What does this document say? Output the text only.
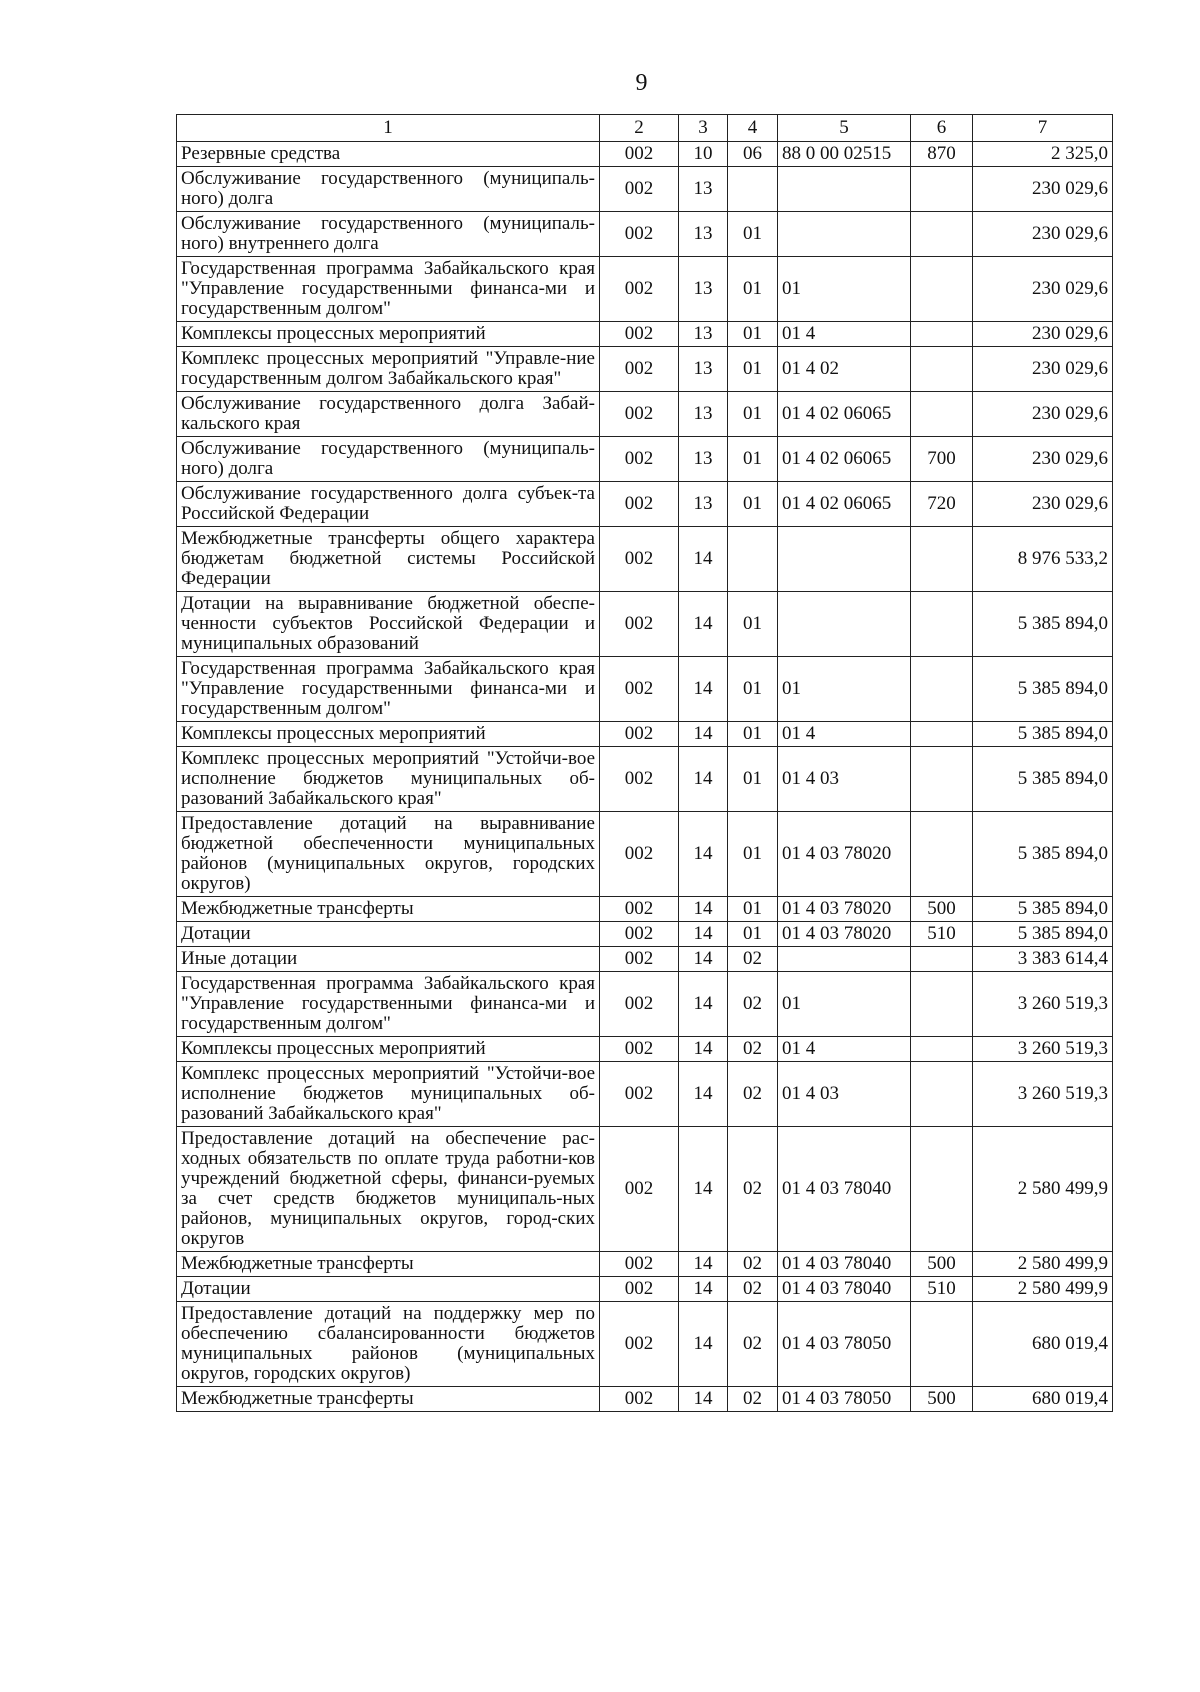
9
1	2	3	4	5	6	7
Резервные средства	002	10	06	88 0 00 02515	870	2 325,0
Обслуживание государственного (муниципаль-ного) долга	002	13				230 029,6
Обслуживание государственного (муниципаль-ного) внутреннего долга	002	13	01			230 029,6
Государственная программа Забайкальского края "Управление государственными финанса-ми и государственным долгом"	002	13	01	01		230 029,6
Комплексы процессных мероприятий	002	13	01	01 4		230 029,6
Комплекс процессных мероприятий "Управле-ние государственным долгом Забайкальского края"	002	13	01	01 4 02		230 029,6
Обслуживание государственного долга Забай-кальского края	002	13	01	01 4 02 06065		230 029,6
Обслуживание государственного (муниципаль-ного) долга	002	13	01	01 4 02 06065	700	230 029,6
Обслуживание государственного долга субъек-та Российской Федерации	002	13	01	01 4 02 06065	720	230 029,6
Межбюджетные трансферты общего характера бюджетам бюджетной системы Российской Федерации	002	14				8 976 533,2
Дотации на выравнивание бюджетной обеспе-ченности субъектов Российской Федерации и муниципальных образований	002	14	01			5 385 894,0
Государственная программа Забайкальского края "Управление государственными финанса-ми и государственным долгом"	002	14	01	01		5 385 894,0
Комплексы процессных мероприятий	002	14	01	01 4		5 385 894,0
Комплекс процессных мероприятий "Устойчи-вое исполнение бюджетов муниципальных об-разований Забайкальского края"	002	14	01	01 4 03		5 385 894,0
Предоставление дотаций на выравнивание бюджетной обеспеченности муниципальных районов (муниципальных округов, городских округов)	002	14	01	01 4 03 78020		5 385 894,0
Межбюджетные трансферты	002	14	01	01 4 03 78020	500	5 385 894,0
Дотации	002	14	01	01 4 03 78020	510	5 385 894,0
Иные дотации	002	14	02			3 383 614,4
Государственная программа Забайкальского края "Управление государственными финанса-ми и государственным долгом"	002	14	02	01		3 260 519,3
Комплексы процессных мероприятий	002	14	02	01 4		3 260 519,3
Комплекс процессных мероприятий "Устойчи-вое исполнение бюджетов муниципальных об-разований Забайкальского края"	002	14	02	01 4 03		3 260 519,3
Предоставление дотаций на обеспечение рас-ходных обязательств по оплате труда работни-ков учреждений бюджетной сферы, финанси-руемых за счет средств бюджетов муниципаль-ных районов, муниципальных округов, город-ских округов	002	14	02	01 4 03 78040		2 580 499,9
Межбюджетные трансферты	002	14	02	01 4 03 78040	500	2 580 499,9
Дотации	002	14	02	01 4 03 78040	510	2 580 499,9
Предоставление дотаций на поддержку мер по обеспечению сбалансированности бюджетов муниципальных районов (муниципальных округов, городских округов)	002	14	02	01 4 03 78050		680 019,4
Межбюджетные трансферты	002	14	02	01 4 03 78050	500	680 019,4
